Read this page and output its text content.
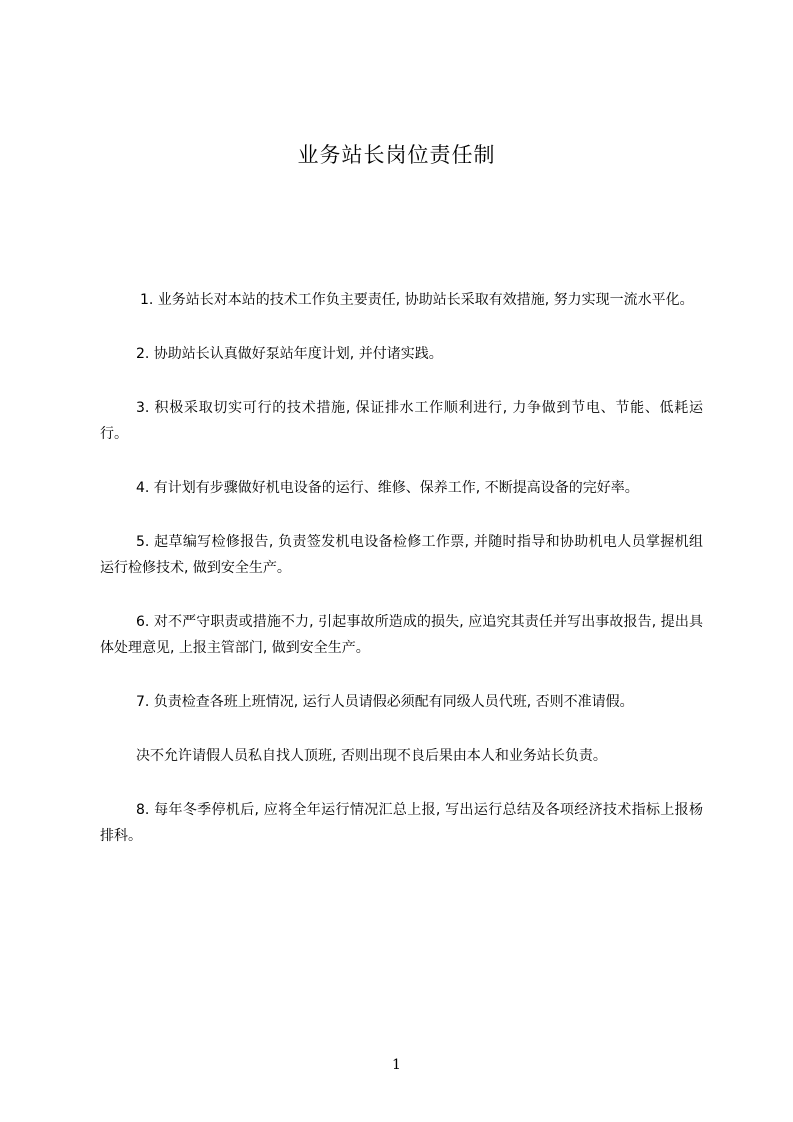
业务站长岗位责任制

1. 业务站长对本站的技术工作负主要责任, 协助站长采取有效措施, 努力实现一流水平化。

2. 协助站长认真做好泵站年度计划, 并付诸实践。

3. 积极采取切实可行的技术措施, 保证排水工作顺利进行, 力争做到节电、节能、低耗运行。

4. 有计划有步骤做好机电设备的运行、维修、保养工作, 不断提高设备的完好率。

5. 起草编写检修报告, 负责签发机电设备检修工作票, 并随时指导和协助机电人员掌握机组运行检修技术, 做到安全生产。

6. 对不严守职责或措施不力, 引起事故所造成的损失, 应追究其责任并写出事故报告, 提出具体处理意见, 上报主管部门, 做到安全生产。

7. 负责检查各班上班情况, 运行人员请假必须配有同级人员代班, 否则不准请假。

决不允许请假人员私自找人顶班, 否则出现不良后果由本人和业务站长负责。

8. 每年冬季停机后, 应将全年运行情况汇总上报, 写出运行总结及各项经济技术指标上报杨排科。

1
